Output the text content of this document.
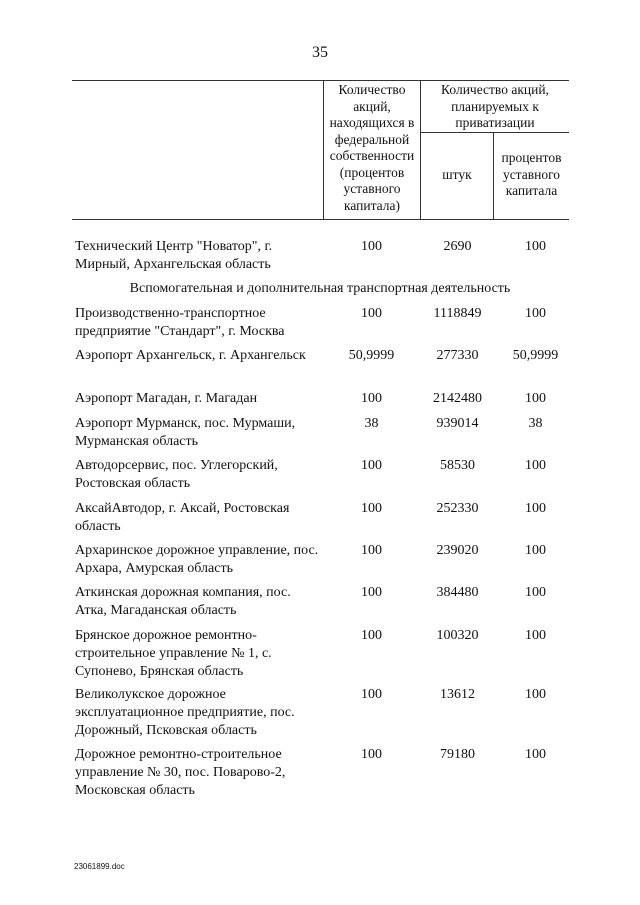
35
Количество акций, находящихся в федеральной собственности (процентов уставного капитала)
Количество акций, планируемых к приватизации
штук
процентов уставного капитала
Технический Центр "Новатор", г. Мирный, Архангельская область
100	2690	100
Вспомогательная и дополнительная транспортная деятельность
Производственно-транспортное предприятие "Стандарт", г. Москва
100	1118849	100
Аэропорт Архангельск, г. Архангельск	50,9999	277330	50,9999
Аэропорт Магадан, г. Магадан	100	2142480	100
Аэропорт Мурманск, пос. Мурмаши, Мурманская область
38	939014	38
Автодорсервис, пос. Углегорский, Ростовская область
100	58530	100
АксайАвтодор, г. Аксай, Ростовская область
100	252330	100
Архаринское дорожное управление, пос. Архара, Амурская область
100	239020	100
Аткинская дорожная компания, пос. Атка, Магаданская область
100	384480	100
Брянское дорожное ремонтно-строительное управление № 1, с. Супонево, Брянская область
100	100320	100
Великолукское дорожное эксплуатационное предприятие, пос. Дорожный, Псковская область
100	13612	100
Дорожное ремонтно-строительное управление № 30, пос. Поварово-2, Московская область
100	79180	100
23061899.doc
